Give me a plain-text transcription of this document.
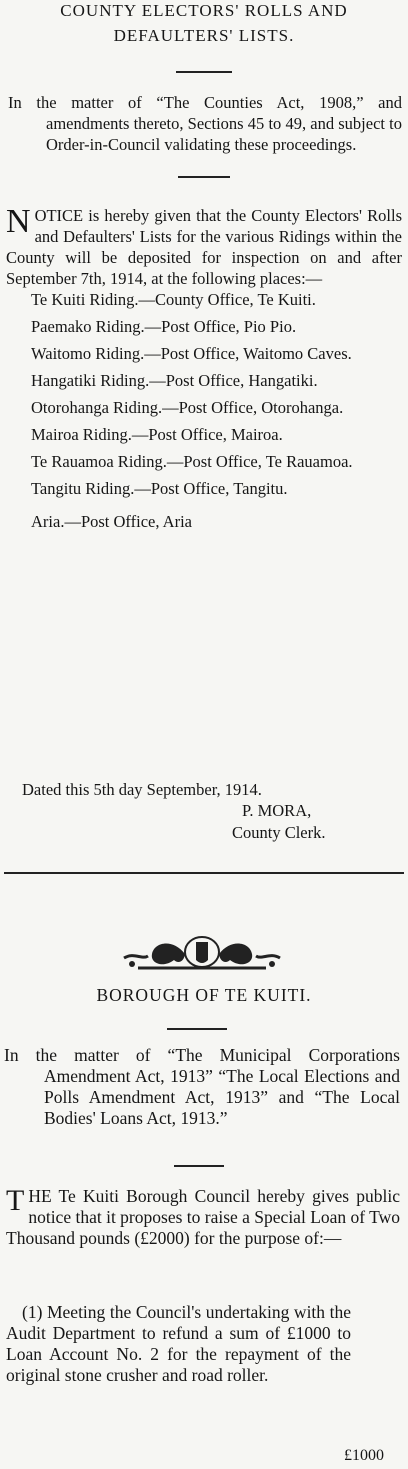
COUNTY ELECTORS' ROLLS AND
DEFAULTERS' LISTS.

In the matter of “The Counties Act, 1908,” and amendments thereto, Sections 45 to 49, and subject to Order-in-Council validating these proceedings.

N OTICE is hereby given that the County Electors' Rolls and Defaulters' Lists for the various Ridings within the County will be deposited for inspection on and after September 7th, 1914, at the following places:—
Te Kuiti Riding.—County Office, Te Kuiti.
Paemako Riding.—Post Office, Pio Pio.
Waitomo Riding.—Post Office, Waitomo Caves.
Hangatiki Riding.—Post Office, Hangatiki.
Otorohanga Riding.—Post Office, Otorohanga.
Mairoa Riding.—Post Office, Mairoa.
Te Rauamoa Riding.—Post Office, Te Rauamoa.
Tangitu Riding.—Post Office, Tangitu.
Aria.—Post Office, Aria
Dated this 5th day September, 1914.
P. MORA,
County Clerk.
BOROUGH OF TE KUITI.

In the matter of “The Municipal Corporations Amendment Act, 1913” “The Local Elections and Polls Amendment Act, 1913” and “The Local Bodies' Loans Act, 1913.”

T HE Te Kuiti Borough Council hereby gives public notice that it proposes to raise a Special Loan of Two Thousand pounds (£2000) for the purpose of:—
(1) Meeting the Council's undertaking with the Audit Department to refund a sum of £1000 to Loan Account No. 2 for the repayment of the original stone crusher and road roller.
£1000
